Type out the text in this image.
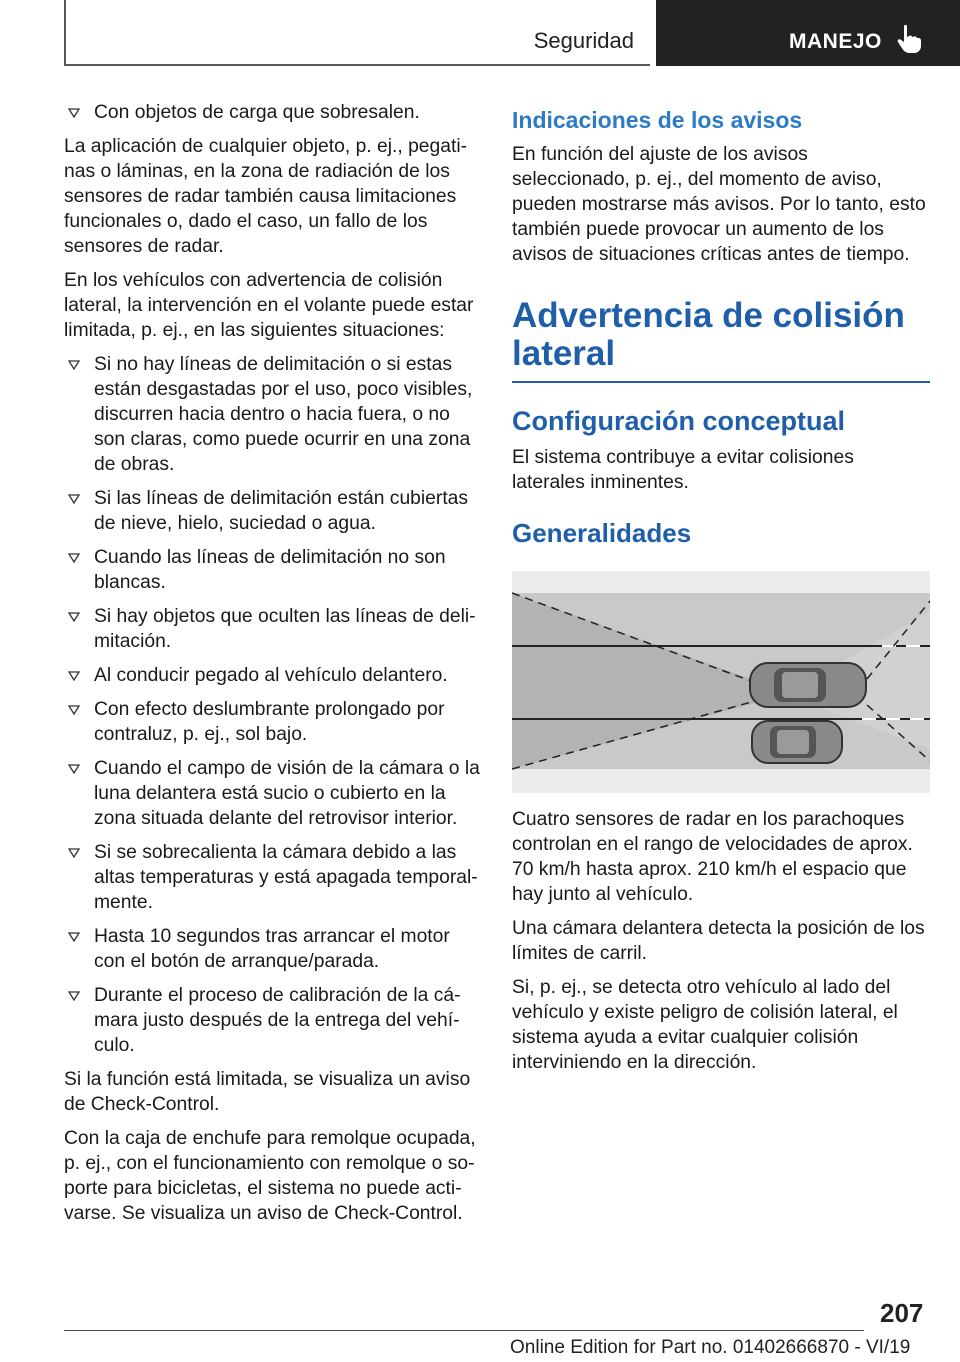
Seguridad	MANEJO
Con objetos de carga que sobresalen.

La aplicación de cualquier objeto, p. ej., pegatinas o láminas, en la zona de radiación de los sensores de radar también causa limitaciones funcionales o, dado el caso, un fallo de los sensores de radar.

En los vehículos con advertencia de colisión lateral, la intervención en el volante puede estar limitada, p. ej., en las siguientes situaciones:

Si no hay líneas de delimitación o si estas están desgastadas por el uso, poco visibles, discurren hacia dentro o hacia fuera, o no son claras, como puede ocurrir en una zona de obras.
Si las líneas de delimitación están cubiertas de nieve, hielo, suciedad o agua.
Cuando las líneas de delimitación no son blancas.
Si hay objetos que oculten las líneas de delimitación.
Al conducir pegado al vehículo delantero.
Con efecto deslumbrante prolongado por contraluz, p. ej., sol bajo.
Cuando el campo de visión de la cámara o la luna delantera está sucio o cubierto en la zona situada delante del retrovisor interior.
Si se sobrecalienta la cámara debido a las altas temperaturas y está apagada temporalmente.
Hasta 10 segundos tras arrancar el motor con el botón de arranque/parada.
Durante el proceso de calibración de la cámara justo después de la entrega del vehículo.

Si la función está limitada, se visualiza un aviso de Check-Control.

Con la caja de enchufe para remolque ocupada, p. ej., con el funcionamiento con remolque o soporte para bicicletas, el sistema no puede activarse. Se visualiza un aviso de Check-Control.

Indicaciones de los avisos

En función del ajuste de los avisos seleccionado, p. ej., del momento de aviso, pueden mostrarse más avisos. Por lo tanto, esto también puede provocar un aumento de los avisos de situaciones críticas antes de tiempo.

Advertencia de colisión lateral
Configuración conceptual

El sistema contribuye a evitar colisiones laterales inminentes.

Generalidades

Cuatro sensores de radar en los parachoques controlan en el rango de velocidades de aprox. 70 km/h hasta aprox. 210 km/h el espacio que hay junto al vehículo.

Una cámara delantera detecta la posición de los límites de carril.

Si, p. ej., se detecta otro vehículo al lado del vehículo y existe peligro de colisión lateral, el sistema ayuda a evitar cualquier colisión interviniendo en la dirección.

207
Online Edition for Part no. 01402666870 - VI/19
